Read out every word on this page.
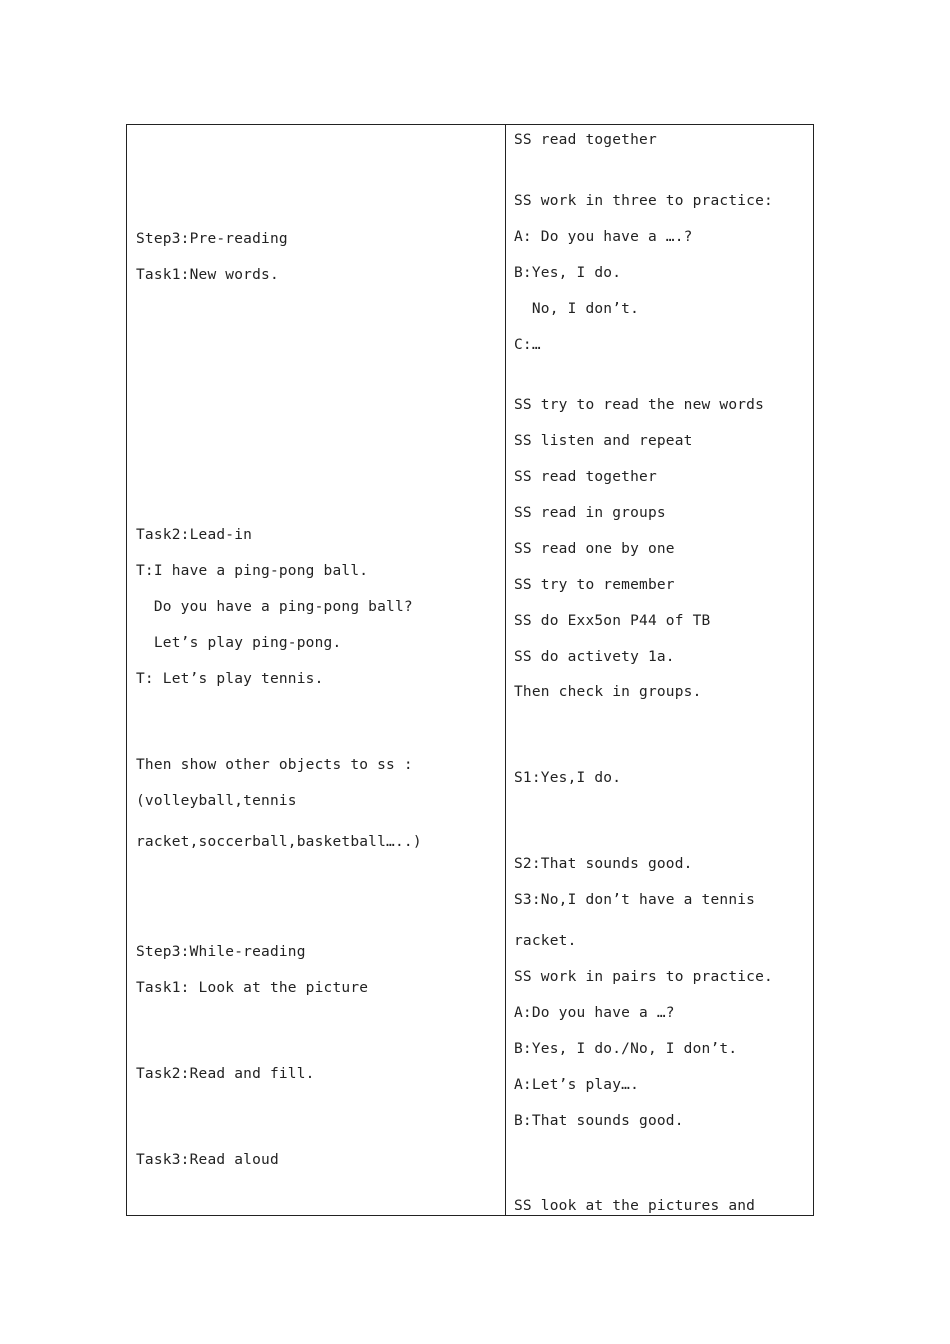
Step3:Pre-reading
Task1:New words.
Task2:Lead-in
T:I have a ping-pong ball.
Do you have a ping-pong ball?
Let’s play ping-pong.
T: Let’s play tennis.
Then show other objects to ss :
(volleyball,tennis
racket,soccerball,basketball…..)
Step3:While-reading
Task1: Look at the picture
Task2:Read and fill.
Task3:Read aloud
SS read together
SS work in three to practice:
A: Do you have a ….?
B:Yes, I do.
No, I don’t.
C:…
SS try to read the new words
SS listen and repeat
SS read together
SS read in groups
SS read one by one
SS try to remember
SS do Exx5on P44 of TB
SS do activety 1a.
Then check in groups.
S1:Yes,I do.
S2:That sounds good.
S3:No,I don’t have a tennis
racket.
SS work in pairs to practice.
A:Do you have a …?
B:Yes, I do./No, I don’t.
A:Let’s play….
B:That sounds good.
SS look at the pictures and
